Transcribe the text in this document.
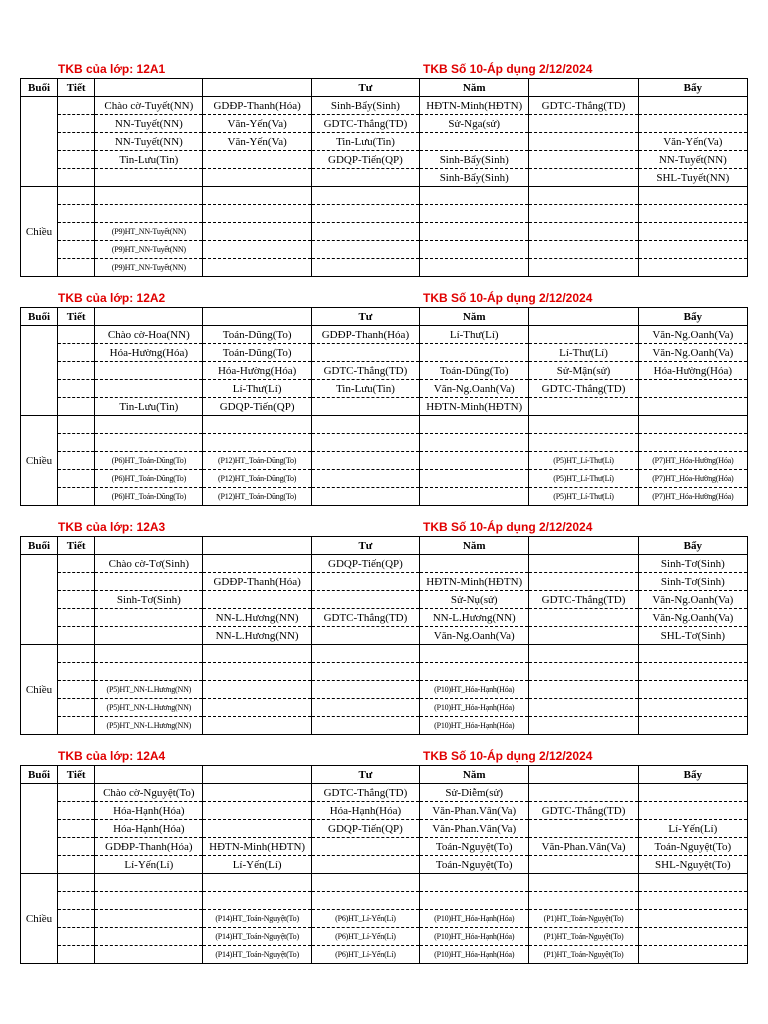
TKB của lớp: 12A1	TKB Số 10-Áp dụng 2/12/2024
Buổi	Tiết			Tư	Năm		Bẩy
		Chào cờ-Tuyết(NN)	GDĐP-Thanh(Hóa)	Sinh-Bẩy(Sinh)	HĐTN-Minh(HĐTN)	GDTC-Thắng(TD)	
		NN-Tuyết(NN)	Văn-Yến(Va)	GDTC-Thắng(TD)	Sử-Nga(sử)		
		NN-Tuyết(NN)	Văn-Yến(Va)	Tin-Lưu(Tin)			Văn-Yến(Va)
		Tin-Lưu(Tin)		GDQP-Tiến(QP)	Sinh-Bẩy(Sinh)		NN-Tuyết(NN)
					Sinh-Bẩy(Sinh)		SHL-Tuyết(NN)
Chiều							

		(P9)HT_NN-Tuyết(NN)					
		(P9)HT_NN-Tuyết(NN)					
		(P9)HT_NN-Tuyết(NN)					
TKB của lớp: 12A2	TKB Số 10-Áp dụng 2/12/2024
Buổi	Tiết			Tư	Năm		Bẩy
		Chào cờ-Hoa(NN)	Toán-Dũng(To)	GDĐP-Thanh(Hóa)	Lí-Thư(Lí)		Văn-Ng.Oanh(Va)
		Hóa-Hường(Hóa)	Toán-Dũng(To)			Lí-Thư(Lí)	Văn-Ng.Oanh(Va)
			Hóa-Hường(Hóa)	GDTC-Thắng(TD)	Toán-Dũng(To)	Sử-Mận(sử)	Hóa-Hường(Hóa)
			Lí-Thư(Lí)	Tin-Lưu(Tin)	Văn-Ng.Oanh(Va)	GDTC-Thắng(TD)	
		Tin-Lưu(Tin)	GDQP-Tiến(QP)		HĐTN-Minh(HĐTN)		
Chiều							

		(P6)HT_Toán-Dũng(To)	(P12)HT_Toán-Dũng(To)			(P5)HT_Lí-Thư(Lí)	(P7)HT_Hóa-Hường(Hóa)
		(P6)HT_Toán-Dũng(To)	(P12)HT_Toán-Dũng(To)			(P5)HT_Lí-Thư(Lí)	(P7)HT_Hóa-Hường(Hóa)
		(P6)HT_Toán-Dũng(To)	(P12)HT_Toán-Dũng(To)			(P5)HT_Lí-Thư(Lí)	(P7)HT_Hóa-Hường(Hóa)
TKB của lớp: 12A3	TKB Số 10-Áp dụng 2/12/2024
Buổi	Tiết			Tư	Năm		Bẩy
		Chào cờ-Tơ(Sinh)		GDQP-Tiến(QP)			Sinh-Tơ(Sinh)
			GDĐP-Thanh(Hóa)		HĐTN-Minh(HĐTN)		Sinh-Tơ(Sinh)
		Sinh-Tơ(Sinh)			Sử-Nụ(sử)	GDTC-Thắng(TD)	Văn-Ng.Oanh(Va)
			NN-L.Hương(NN)	GDTC-Thắng(TD)	NN-L.Hương(NN)		Văn-Ng.Oanh(Va)
			NN-L.Hương(NN)		Văn-Ng.Oanh(Va)		SHL-Tơ(Sinh)
Chiều							

		(P5)HT_NN-L.Hương(NN)			(P10)HT_Hóa-Hạnh(Hóa)		
		(P5)HT_NN-L.Hương(NN)			(P10)HT_Hóa-Hạnh(Hóa)		
		(P5)HT_NN-L.Hương(NN)			(P10)HT_Hóa-Hạnh(Hóa)		
TKB của lớp: 12A4	TKB Số 10-Áp dụng 2/12/2024
Buổi	Tiết			Tư	Năm		Bẩy
		Chào cờ-Nguyệt(To)		GDTC-Thắng(TD)	Sử-Diễm(sử)		
		Hóa-Hạnh(Hóa)		Hóa-Hạnh(Hóa)	Văn-Phan.Vân(Va)	GDTC-Thắng(TD)	
		Hóa-Hạnh(Hóa)		GDQP-Tiến(QP)	Văn-Phan.Vân(Va)		Lí-Yến(Lí)
		GDĐP-Thanh(Hóa)	HĐTN-Minh(HĐTN)		Toán-Nguyệt(To)	Văn-Phan.Vân(Va)	Toán-Nguyệt(To)
		Lí-Yến(Lí)	Lí-Yến(Lí)		Toán-Nguyệt(To)		SHL-Nguyệt(To)
Chiều							

			(P14)HT_Toán-Nguyệt(To)	(P6)HT_Lí-Yến(Lí)	(P10)HT_Hóa-Hạnh(Hóa)	(P1)HT_Toán-Nguyệt(To)	
			(P14)HT_Toán-Nguyệt(To)	(P6)HT_Lí-Yến(Lí)	(P10)HT_Hóa-Hạnh(Hóa)	(P1)HT_Toán-Nguyệt(To)	
			(P14)HT_Toán-Nguyệt(To)	(P6)HT_Lí-Yến(Lí)	(P10)HT_Hóa-Hạnh(Hóa)	(P1)HT_Toán-Nguyệt(To)	
